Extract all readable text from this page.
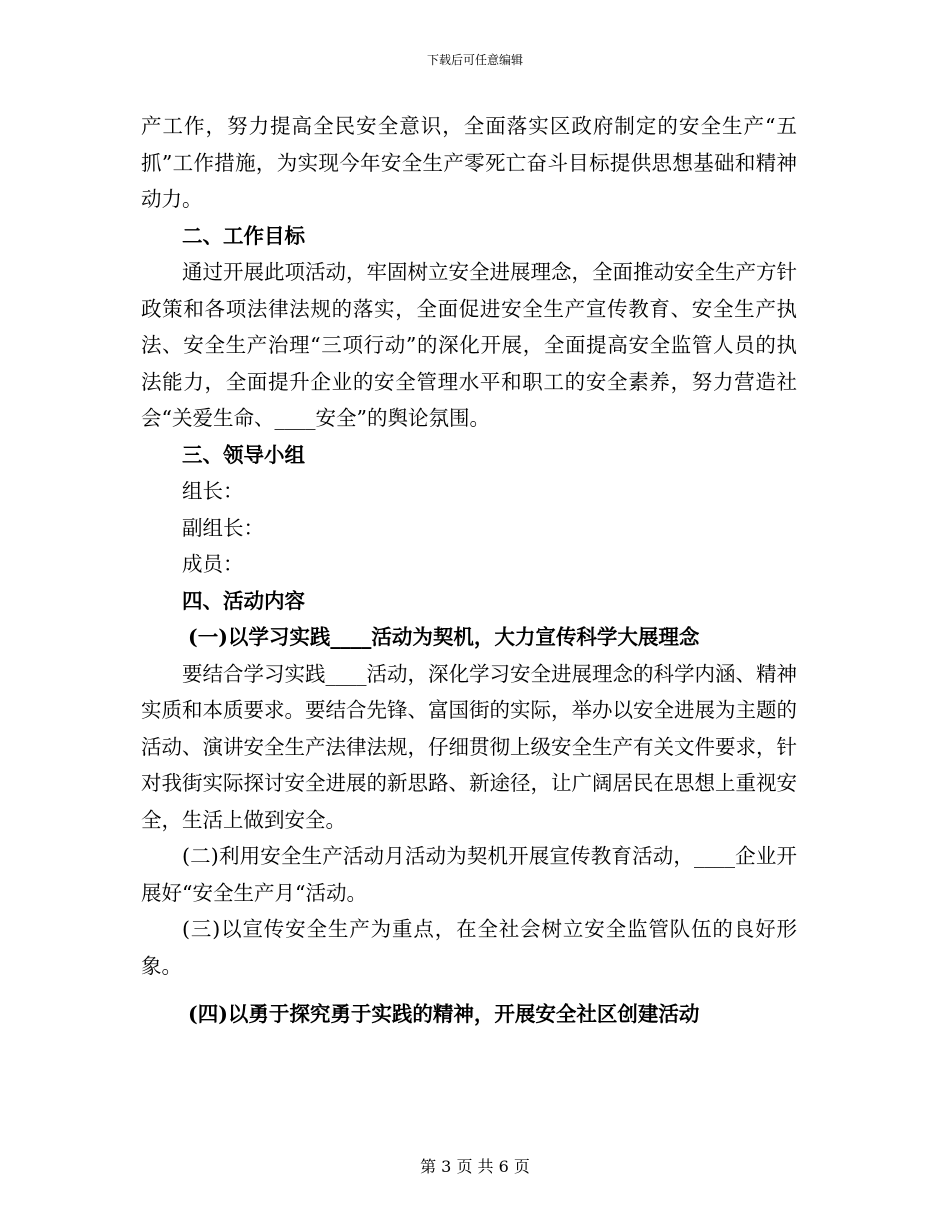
下载后可任意编辑

产工作，努力提高全民安全意识，全面落实区政府制定的安全生产“五抓”工作措施，为实现今年安全生产零死亡奋斗目标提供思想基础和精神动力。

二、工作目标

通过开展此项活动，牢固树立安全进展理念，全面推动安全生产方针政策和各项法律法规的落实，全面促进安全生产宣传教育、安全生产执法、安全生产治理“三项行动”的深化开展，全面提高安全监管人员的执法能力，全面提升企业的安全管理水平和职工的安全素养，努力营造社会“关爱生命、____安全”的舆论氛围。

三、领导小组

组长：

副组长：

成员：

四、活动内容

(一)以学习实践____活动为契机，大力宣传科学大展理念

要结合学习实践____活动，深化学习安全进展理念的科学内涵、精神实质和本质要求。要结合先锋、富国街的实际，举办以安全进展为主题的活动、演讲安全生产法律法规，仔细贯彻上级安全生产有关文件要求，针对我街实际探讨安全进展的新思路、新途径，让广阔居民在思想上重视安全，生活上做到安全。

(二)利用安全生产活动月活动为契机开展宣传教育活动，____企业开展好“安全生产月“活动。

(三)以宣传安全生产为重点，在全社会树立安全监管队伍的良好形象。

(四)以勇于探究勇于实践的精神，开展安全社区创建活动

第 3 页 共 6 页
